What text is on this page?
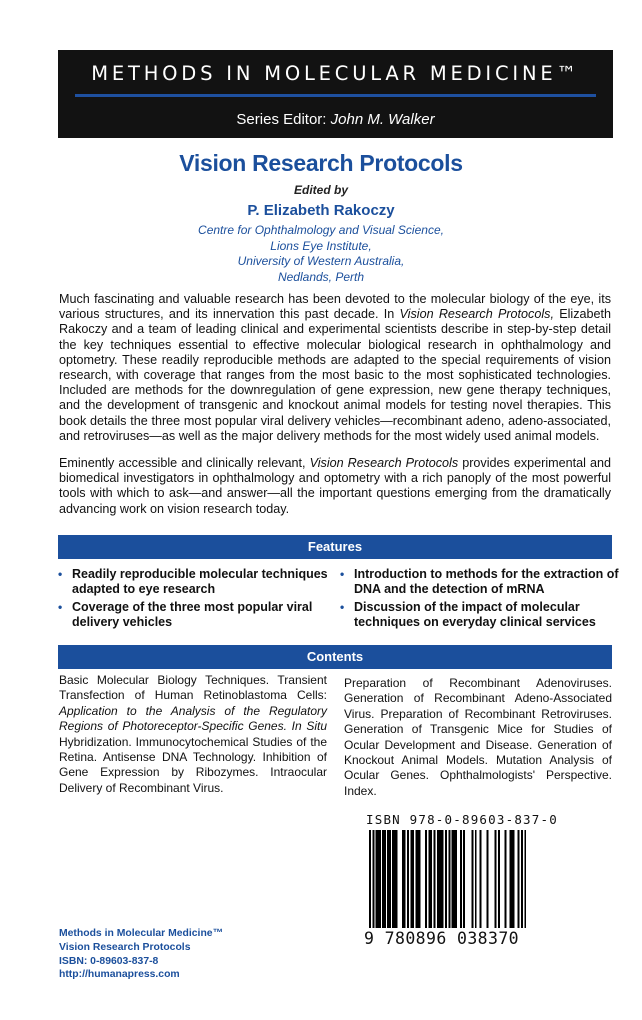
METHODS IN MOLECULAR MEDICINE™
Series Editor: John M. Walker
Vision Research Protocols
Edited by
P. Elizabeth Rakoczy
Centre for Ophthalmology and Visual Science,
Lions Eye Institute,
University of Western Australia,
Nedlands, Perth

Much fascinating and valuable research has been devoted to the molecular biology of the eye, its various structures, and its innervation this past decade. In Vision Research Protocols, Elizabeth Rakoczy and a team of leading clinical and experimental scientists describe in step-by-step detail the key techniques essential to effective molecular biological research in ophthalmology and optometry. These readily reproducible methods are adapted to the special requirements of vision research, with coverage that ranges from the most basic to the most sophisticated technologies. Included are methods for the downregulation of gene expression, new gene therapy techniques, and the development of transgenic and knockout animal models for testing novel therapies. This book details the three most popular viral delivery vehicles—recombinant adeno, adeno-associated, and retroviruses—as well as the major delivery methods for the most widely used animal models.

Eminently accessible and clinically relevant, Vision Research Protocols provides experimental and biomedical investigators in ophthalmology and optometry with a rich panoply of the most powerful tools with which to ask—and answer—all the important questions emerging from the dramatically advancing work on vision research today.

Features
• Readily reproducible molecular techniques adapted to eye research
• Coverage of the three most popular viral delivery vehicles
• Introduction to methods for the extraction of DNA and the detection of mRNA
• Discussion of the impact of molecular techniques on everyday clinical services
Contents

Basic Molecular Biology Techniques. Transient Transfection of Human Retinoblastoma Cells: Application to the Analysis of the Regulatory Regions of Photoreceptor-Specific Genes. In Situ Hybridization. Immunocytochemical Studies of the Retina. Antisense DNA Technology. Inhibition of Gene Expression by Ribozymes. Intraocular Delivery of Recombinant Virus.

Preparation of Recombinant Adenoviruses. Generation of Recombinant Adeno-Associated Virus. Preparation of Recombinant Retroviruses. Generation of Transgenic Mice for Studies of Ocular Development and Disease. Generation of Knockout Animal Models. Mutation Analysis of Ocular Genes. Ophthalmologists' Perspective. Index.

ISBN 978-0-89603-837-0
9 780896 038370
Methods in Molecular Medicine™
Vision Research Protocols
ISBN: 0-89603-837-8
http://humanapress.com
